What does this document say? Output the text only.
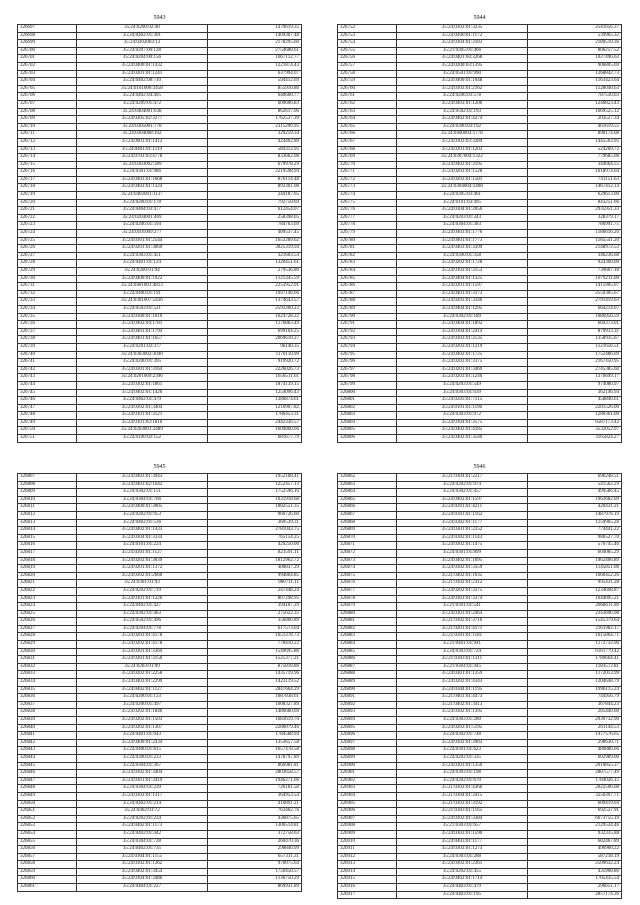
5943
326697	35:24:0200:02:40	1479619.35
326698	35:24:0402:01:301	1409307.48
326699	35:24:0202003:13	2178295.60
326700	35:24:0207:00:128	2754608.61
326701	35:24:0204:00:156	1067112.77
326702	35:24:0400:01:1432	1221874.43
326703	35:24:0201:01:1241	637994.07
326704	35:24:0402:08:710	594412.69
326705	35:24:0101006:3458	855910.86
326706	35:24:0402:04:495	640660.77
326707	35:24:0209:01:472	609606.83
326708	35:24:0404001:638	862617.06
326709	35:24:0305:02:3277	1762537.39
326710	35:24:0305001:778	2315296.95
326711	35:24:0304008:102	329259.34
326712	35:24:0601:01:1412	424462.80
326713	35:24:0401:01:1119	584313.95
326714	35:24:0703:03:4778	833662.08
326715	35:24:0303002:389	679978.29
326716	35:24:0301:01:986	2219598.94
326717	35:24:0403:01:1668	876114.48
326718	35:24:0402:01:1324	893301.08
326719	35:24:0402001:1137	244187.65
326720	35:24:0200:01:178	792750.69
326721	35:24:0404:03:477	612454.07
326722	35:24:0204001:469	258398.05
326723	35:24:0206:01:594	784763.69
326724	35:24:0101009:277	409537.45
326725	35:24:0301:01:2544	1653289.62
326726	35:24:0201:01:3060	3025319.94
326727	35:24:0303:01:451	321603.54
326728	35:24:0401:01:124	1320451.61
326729	35:24:0200:01:94	279536.80
326730	35:24:0400:01:1922	1121345.59
326731	35:24:0401001:4813	2253952.01
326732	35:24:0400:01:191	1997146.66
326733	35:24:0301007:5436	1374643.57
326734	35:24:0503:01:521	2593360.23
326735	35:24:0300:01:1010	1624728.22
326736	35:24:0402:04:1781	1176883.49
326737	35:24:0401:01:1794	699104.25
326738	35:24:0401:01:1657	2069610.27
326739	35:24:0201:02:377	96140.35
326740	35:24:0303002:3040	1170110.99
326741	35:24:0200:01:395	919920.72
326742	35:24:0301:01:3164	2226026.73
326743	35:24:0201009:2396	1656511.61
326744	35:24:0302:01:1861	1874139.15
326745	35:24:0402:01:1426	1254096.43
326746	35:24:0402:01:479	1386874.61
326747	35:24:0302:01:3404	1210907.82
326748	35:24:0101:01:3121	1786453.31
326749	35:24:0101:03:1810	2442336.57
326750	35:24:0203001:2489	1609860.66
326751	35:24:0100:02:152	681677.79
5944
326752	35:24:0303:01:3235	2541656.37
326753	35:24:0400:01:1172	539965.32
326754	35:24:0304:01:3183	2189510.36
326755	35:21:0305:01:466	806257.52
326756	35:24:0401:04:3268	1027496.63
326757	35:24:0200:03:1395	906805.69
326758	35:24:0501:01:990	1268842.73
326759	35:24:0400:01:1048	1163423.64
326760	35:24:0303:01:2162	1128040.63
326761	35:24:0206:03:578	787530.03
326762	35:24:0403:01:1206	1240823.43
326763	35:24:0502:01:193	1669525.12
326764	35:24:0402:01:4274	203527.34
326765	35:24:0300:03:192	461619.55
326766	35:24:0400004:1778	890174.08
326767	35:24:0303:03:3289	1445563.95
326768	35:24:0201:01:1203	524269.72
326769	35:24:0307004:1322	779685.08
326770	35:24:0402:01:3195	344664.55
326771	35:24:0203:01:1528	1618974.04
326772	35:24:0203:01:1581	741151.63
326773	35:24:0304004:1408	1467412.14
326774	35:24:0305:03:461	629613.00
326775	35:24:0101:03:495	843251.66
326776	35:24:0304:01:2056	2935951.33
326777	35:24:0203:01:343	328379.17
326778	35:24:0304:01:383	786991.75
326779	35:24:0403:01:1776	1186616.20
326780	35:24:0401:01:1773	1185541.20
326781	35:24:0403:01:3399	2148972.53
326782	35:24:0300:01:358	346236.68
326783	35:24:0202:01:1728	924300.00
326784	35:24:0103:01:3153	739607.18
326785	35:24:0404:01:1325	1079211.00
326786	35:24:0201:01:1597	1415905.07
326787	35:24:0401:01:3373	2559305.67
326788	35:24:0203:01:3346	2791419.03
326789	35:24:0404:01:1295	664214.07
326790	35:24:0302:01:189	1086956.59
326791	35:24:0404:01:1892	604373.01
326792	35:24:0304:01:2414	879933.31
326793	35:24:0303:01:2535	1358935.67
326794	35:24:0203:01:1219	1121656.51
326795	35:24:0402:01:1725	1752486.09
326796	35:24:0203:01:3375	2167450.95
326797	35:24:0201:01:3469	2745385.60
326798	35:24:0203:01:1246	1376699.17
326799	35:24:0203:01:549	974080.97
326800	35:24:0303:01:639	362146.94
326801	35:24:0203:01:7115	458840.61
326802	35:24:0101:01:1196	2201526.00
326803	35:24:0303:01:972	1280361.00
326804	35:24:0304:01:3575	6587173.42
326805	35:24:0402:01:4185	3532052.07
326806	35:24:0402:01:3540	3165824.27
5945
326807	35:24:0403:01:3943	1952108.41
326808	35:24:0401:02:1642	1252457.13
326809	35:24:0302:01:151	1752596.16
326810	35:24:0304:01:766	1031918.68
326811	35:24:0400:01:3005	1882551.35
326812	35:24:0202:01:953	960726.60
326813	35:24:0402:01:536	360539.31
326814	35:24:0402:01:1433	2781043.75
326815	35:24:0304:01:3334	765154.25
326816	35:24:0101:01:224	429250.00
326817	35:24:0201:01:1127	823591.11
326818	35:24:0202:01:3039	1812962.72
326819	35:24:0201:01:1372	400837.29
326820	35:24:0302:01:2660	994864.85
326821	35:24:0301:01:93	980711.11
326822	35:24:0202:01:719	247448.24
326823	35:24:0101:01:1226	807298.95
326824	35:24:0402:01:427	394107.29
326825	35:24:0302:01:463	275622.35
326826	35:24:0502:01:496	356866.89
326827	35:24:0204:01:778	617573.04
326828	35:24:0203:01:4178	1651378.73
326829	35:24:0202:01:4178	778410.22
326830	35:24:0301:01:3369	1549695.86
326831	35:24:0301:01:3150	1525377.21
326832	35:24:0203:01:99	875818.86
326833	35:24:0202:01:2258	1435719.96
326834	35:24:0403:01:2299	1423119.52
326835	35:24:0402:01:1127	2847664.29
326836	35:24:0200:01:133	1087838.61
326837	35:24:0200:01:497	1608327.89
326838	35:24:0202:01:1846	1486680.69
326839	35:24:0202:01:1503	1683619.70
326840	35:24:0202:01:1307	2286079.46
326841	35:24:0401:01:643	1784588.94
326842	35:24:0400:01:2434	1353657.58
326843	35:24:0400:01:815	1657478.58
326844	35:24:0300:01:233	1478797.89
326845	35:24:0304:01:367	866981.81
326846	35:24:0302:01:3404	2803658.57
326847	35:24:0301:01:3419	1946271.66
326848	35:24:0304:01:239	726181.50
326849	35:24:0303:01:1317	364953.54
326850	35:24:0402:01:214	416891.21
326851	35:24:0402:01:72	763462.76
326852	35:24:0202:01:224	436875.65
326853	35:24:0402:01:1173	1306514.81
326854	35:24:0402:01:442	372758.63
326855	35:24:0304:01:728	260470.36
326856	35:24:0402:01:735	298840.99
326857	35:24:0304:01:1155	657311.31
326858	35:24:0302:01:1362	970075.64
326859	35:24:0402:01:3454	1750458.57
326860	35:24:0304:01:3486	1136750.29
326861	35:24:0404:01:227	869931.89
5946
326862	35:21:0304:01:2217	696248.51
326863	35:24:0202:01:974	541562.29
326864	35:24:0302:01:457	499586.45
326865	35:24:0402:01:1597	1963682.09
326866	35:24:0201:01:4211	420431.21
326867	35:24:0301:01:1162	1487976.19
326868	35:24:0302:01:1177	1159965.28
326869	35:24:0301:01:2352	774441.22
326870	35:24:0302:01:1143	986527.70
326871	35:24:0302:01:1475	576745.46
326872	35:24:0301:01:899	604085.29
326873	35:24:0402:01:1095	1962406.89
326874	35:24:0302:01:3359	1145851.08
326875	35:21:0402:01:1035	1660452.26
326876	35:21:0302:01:2312	995431.28
326877	35:24:0202:01:3375	1234698.87
326878	35:24:0303:01:3374	1644095.21
326879	35:21:0301:01:541	2068611.86
326880	35:24:0301:01:2464	2343696.98
326881	35:21:0302:01:3716	1545379.64
326882	35:21:0201:01:4171	2161982.17
326883	35:21:0301:01:1181	1615864.71
326884	35:21:0401:01:941	1172733.96
326885	35:24:0303:01:724	6161779.42
326886	35:21:0303:01:1311	1789664.41
326887	35:21:0304:01:445	1183572.81
326888	35:24:0301:01:1359	1172013.99
326889	35:24:0202:01:4343	1204648.79
326890	35:24:0304:01:1195	1996115.24
326891	35:21:0401:01:4473	744956.79
326892	35:21:0402:01:3413	367844.23
326893	35:24:0302:01:1395	285440.60
326894	35:24:0303:01:280	2939732.90
326895	35:24:0203:01:5195	261144.53
326896	35:24:0302:01:748	1477576.65
326897	35:24:0302:01:3903	298630.71
326898	35:24:0301:01:623	489886.66
326899	35:24:0202:01:335	602989.00
326900	35:24:0301:01:1350	2010855.37
326901	35:24:0303:01:198	2807577.49
326902	35:24:0202:01:670	1784026.15
326903	35:21:0303:01:4366	2022506.08
326904	35:21:0304:01:3415	3256397.71
326905	35:21:0303:01:3192	609419.94
326906	35:21:0303:01:1165	692537.91
326907	35:24:0302:01:3384	6673755.19
326908	35:21:0303:01:657	2129534.46
326909	35:24:0303:01:1590	932335.88
326910	35:24:0403:01:1177	602467.89
326911	35:24:0303:01:1273	496960.22
326912	35:24:0303:01:288	587218.19
326913	35:24:0302:01:2361	2509632.24
326914	35:24:0202:01:455	435908.86
326915	35:24:0402:01:1714	1705435.54
326916	35:24:0403:01:479	296651.17
326917	35:24:0403:01:195	2857174.36
